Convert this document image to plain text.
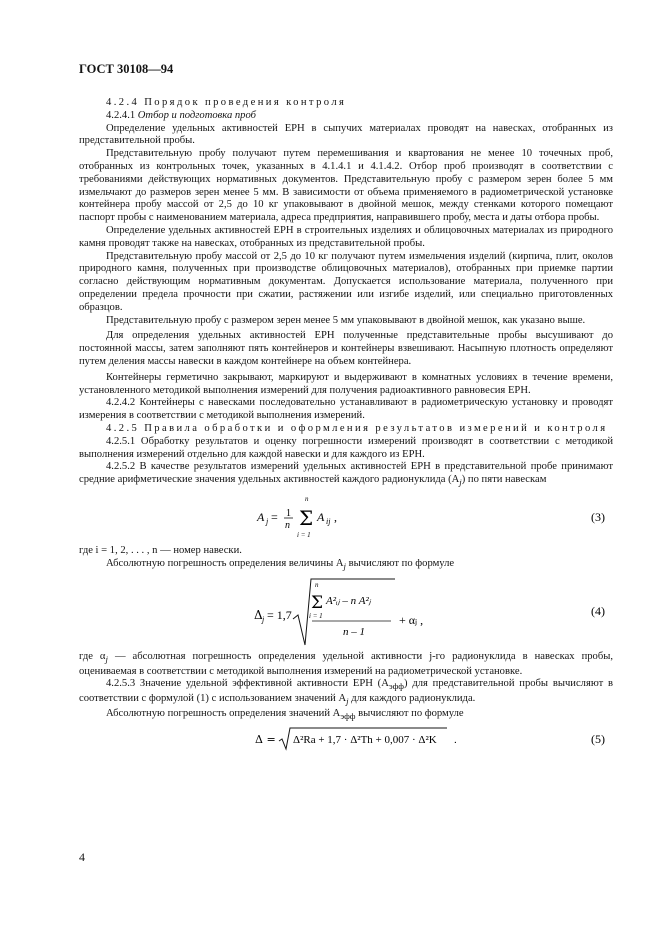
ГОСТ 30108—94

4.2.4 Порядок проведения контроля

4.2.4.1 Отбор и подготовка проб

Определение удельных активностей ЕРН в сыпучих материалах проводят на навесках, отобранных из представительной пробы.

Представительную пробу получают путем перемешивания и квартования не менее 10 точечных проб, отобранных из контрольных точек, указанных в 4.1.4.1 и 4.1.4.2. Отбор проб производят в соответствии с требованиями действующих нормативных документов. Представительную пробу с размером зерен более 5 мм измельчают до размеров зерен менее 5 мм. В зависимости от объема применяемого в радиометрической установке контейнера пробу массой от 2,5 до 10 кг упаковывают в двойной мешок, между стенками которого помещают паспорт пробы с наименованием материала, адреса предприятия, направившего пробу, места и даты отбора пробы.

Определение удельных активностей ЕРН в строительных изделиях и облицовочных материалах из природного камня проводят также на навесках, отобранных из представительной пробы.

Представительную пробу массой от 2,5 до 10 кг получают путем измельчения изделий (кирпича, плит, околов природного камня, полученных при производстве облицовочных материалов), отобранных при приемке партии согласно действующим нормативным документам. Допускается использование материала, полученного при определении предела прочности при сжатии, растяжении или изгибе изделий, или специально приготовленных образцов.

Представительную пробу с размером зерен менее 5 мм упаковывают в двойной мешок, как указано выше.

Для определения удельных активностей ЕРН полученные представительные пробы высушивают до постоянной массы, затем заполняют пять контейнеров и контейнеры взвешивают. Насыпную плотность определяют путем деления массы навески в каждом контейнере на объем контейнера.

Контейнеры герметично закрывают, маркируют и выдерживают в комнатных условиях в течение времени, установленного методикой выполнения измерений для получения радиоактивного равновесия ЕРН.

4.2.4.2 Контейнеры с навесками последовательно устанавливают в радиометрическую установку и проводят измерения в соответствии с методикой выполнения измерений.

4.2.5 Правила обработки и оформления результатов измерений и контроля

4.2.5.1 Обработку результатов и оценку погрешности измерений производят в соответствии с методикой выполнения измерений отдельно для каждой навески и для каждого из ЕРН.

4.2.5.2 В качестве результатов измерений удельных активностей ЕРН в представительной пробе принимают средние арифметические значения удельных активностей каждого радионуклида $(A_j)$ по пяти навескам

A j = 1
n
n
Σ
i = 1
A ij ,	(3)

где i = 1, 2, . . . , n — номер навески.

Абсолютную погрешность определения величины $A_j$ вычисляют по формуле

Δ j = 1,7
n
Σ
i = 1
A²ᵢⱼ – n A²ⱼ
n – 1
+ αⱼ ,
(4)

где $\alpha_j$ — абсолютная погрешность определения удельной активности j-го радионуклида в навесках пробы, оцениваемая в соответствии с методикой выполнения измерений на радиометрической установке.

4.2.5.3 Значение удельной эффективной активности ЕРН $(A_{эфф})$ для представительной пробы вычисляют в соответствии с формулой (1) с использованием значений $A_j$ для каждого радионуклида.

Абсолютную погрешность определения значений $A_{эфф}$ вычисляют по формуле

Δ = Δ²Ra + 1,7 · Δ²Th + 0,007 · Δ²K .	(5)
4
